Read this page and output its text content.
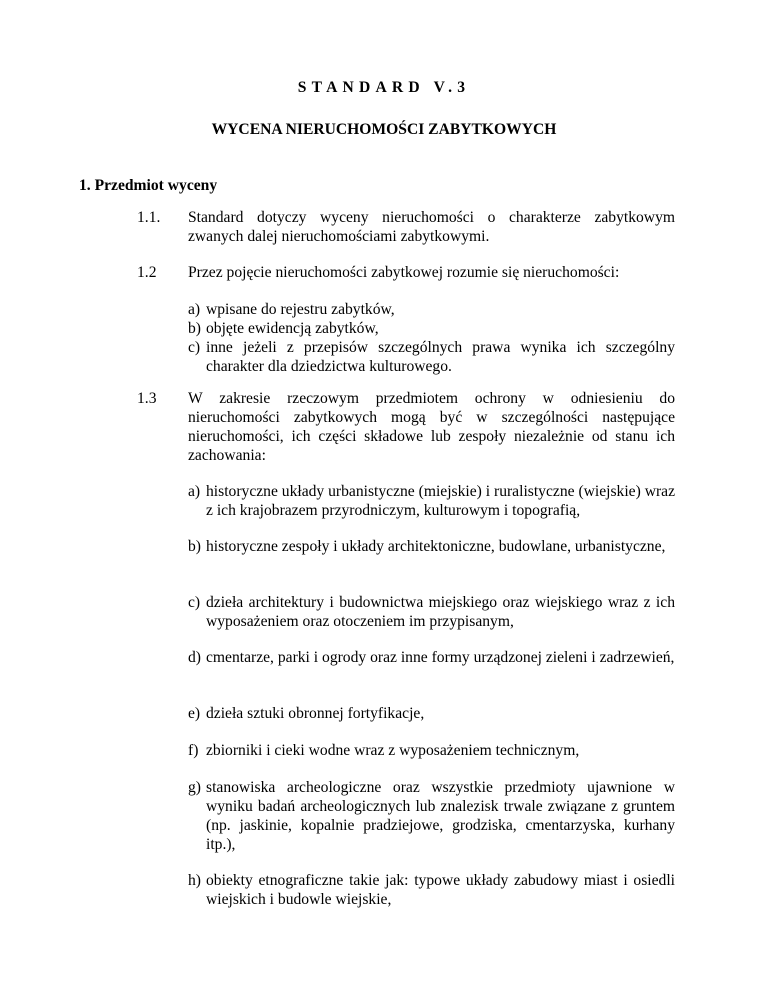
STANDARD V.3
WYCENA NIERUCHOMOŚCI ZABYTKOWYCH
1. Przedmiot wyceny
1.1. Standard dotyczy wyceny nieruchomości o charakterze zabytkowym zwanych dalej nieruchomościami zabytkowymi.
1.2 Przez pojęcie nieruchomości zabytkowej rozumie się nieruchomości:
a) wpisane do rejestru zabytków,
b) objęte ewidencją zabytków,
c) inne jeżeli z przepisów szczególnych prawa wynika ich szczególny charakter dla dziedzictwa kulturowego.
1.3 W zakresie rzeczowym przedmiotem ochrony w odniesieniu do nieruchomości zabytkowych mogą być w szczególności następujące nieruchomości, ich części składowe lub zespoły niezależnie od stanu ich zachowania:
a) historyczne układy urbanistyczne (miejskie) i ruralistyczne (wiejskie) wraz z ich krajobrazem przyrodniczym, kulturowym i topografią,
b) historyczne zespoły i układy architektoniczne, budowlane, urbanistyczne,
c) dzieła architektury i budownictwa miejskiego oraz wiejskiego wraz z ich wyposażeniem oraz otoczeniem im przypisanym,
d) cmentarze, parki i ogrody oraz inne formy urządzonej zieleni i zadrzewień,
e) dzieła sztuki obronnej fortyfikacje,
f) zbiorniki i cieki wodne wraz z wyposażeniem technicznym,
g) stanowiska archeologiczne oraz wszystkie przedmioty ujawnione w wyniku badań archeologicznych lub znalezisk trwale związane z gruntem (np. jaskinie, kopalnie pradziejowe, grodziska, cmentarzyska, kurhany itp.),
h) obiekty etnograficzne takie jak: typowe układy zabudowy miast i osiedli wiejskich i budowle wiejskie,
